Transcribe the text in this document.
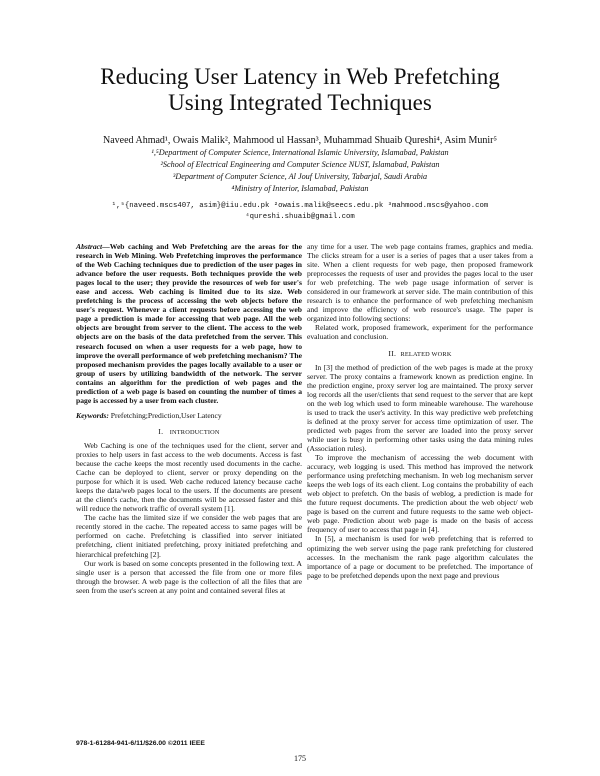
Reducing User Latency in Web Prefetching
Using Integrated Techniques
Naveed Ahmad¹, Owais Malik², Mahmood ul Hassan³, Muhammad Shuaib Qureshi⁴, Asim Munir⁵
¹,⁵Department of Computer Science, International Islamic University, Islamabad, Pakistan
²School of Electrical Engineering and Computer Science NUST, Islamabad, Pakistan
³Department of Computer Science, Al Jouf University, Tabarjal, Saudi Arabia
⁴Ministry of Interior, Islamabad, Pakistan
¹,⁵{naveed.mscs407, asim}@iiu.edu.pk ²owais.malik@seecs.edu.pk ³mahmood.mscs@yahoo.com
⁴qureshi.shuaib@gmail.com

Abstract—Web caching and Web Prefetching are the areas for the research in Web Mining. Web Prefetching improves the performance of the Web Caching techniques due to prediction of the user pages in advance before the user requests. Both techniques provide the web pages local to the user; they provide the resources of web for user's ease and access. Web caching is limited due to its size. Web prefetching is the process of accessing the web objects before the user's request. Whenever a client requests before accessing the web page a prediction is made for accessing that web page. All the web objects are brought from server to the client. The access to the web objects are on the basis of the data prefetched from the server. This research focused on when a user requests for a web page, how to improve the overall performance of web prefetching mechanism? The proposed mechanism provides the pages locally available to a user or group of users by utilizing bandwidth of the network. The server contains an algorithm for the prediction of web pages and the prediction of a web page is based on counting the number of times a page is accessed by a user from each cluster.

Keywords: Prefetching;Prediction,User Latency

I. INTRODUCTION

Web Caching is one of the techniques used for the client, server and proxies to help users in fast access to the web documents. Access is fast because the cache keeps the most recently used documents in the cache. Cache can be deployed to client, server or proxy depending on the purpose for which it is used. Web cache reduced latency because cache keeps the data/web pages local to the users. If the documents are present at the client's cache, then the documents will be accessed faster and this will reduce the network traffic of overall system [1].

The cache has the limited size if we consider the web pages that are recently stored in the cache. The repeated access to same pages will be performed on cache. Prefetching is classified into server initiated prefetching, client initiated prefetching, proxy initiated prefetching and hierarchical prefetching [2].

Our work is based on some concepts presented in the following text. A single user is a person that accessed the file from one or more files through the browser. A web page is the collection of all the files that are seen from the user's screen at any point and contained several files at

any time for a user. The web page contains frames, graphics and media. The clicks stream for a user is a series of pages that a user takes from a site. When a client requests for web page, then proposed framework preprocesses the requests of user and provides the pages local to the user for web prefetching. The web page usage information of server is considered in our framework at server side. The main contribution of this research is to enhance the performance of web prefetching mechanism and improve the efficiency of web resource's usage. The paper is organized into following sections:

Related work, proposed framework, experiment for the performance evaluation and conclusion.

II. RELATED WORK

In [3] the method of prediction of the web pages is made at the proxy server. The proxy contains a framework known as prediction engine. In the prediction engine, proxy server log are maintained. The proxy server log records all the user/clients that send request to the server that are kept on the web log which used to form mineable warehouse. The warehouse is used to track the user's activity. In this way predictive web prefetching is defined at the proxy server for access time optimization of user. The predicted web pages from the server are loaded into the proxy server while user is busy in performing other tasks using the data mining rules (Association rules).

To improve the mechanism of accessing the web document with accuracy, web logging is used. This method has improved the network performance using prefetching mechanism. In web log mechanism server keeps the web logs of its each client. Log contains the probability of each web object to prefetch. On the basis of weblog, a prediction is made for the future request documents. The prediction about the web object/ web page is based on the current and future requests to the same web object-web page. Prediction about web page is made on the basis of access frequency of user to access that page in [4].

In [5], a mechanism is used for web prefetching that is referred to optimizing the web server using the page rank prefetching for clustered accesses. In the mechanism the rank page algorithm calculates the importance of a page or document to be prefetched. The importance of page to be prefetched depends upon the next page and previous

978-1-61284-941-6/11/$26.00 ©2011 IEEE
175
